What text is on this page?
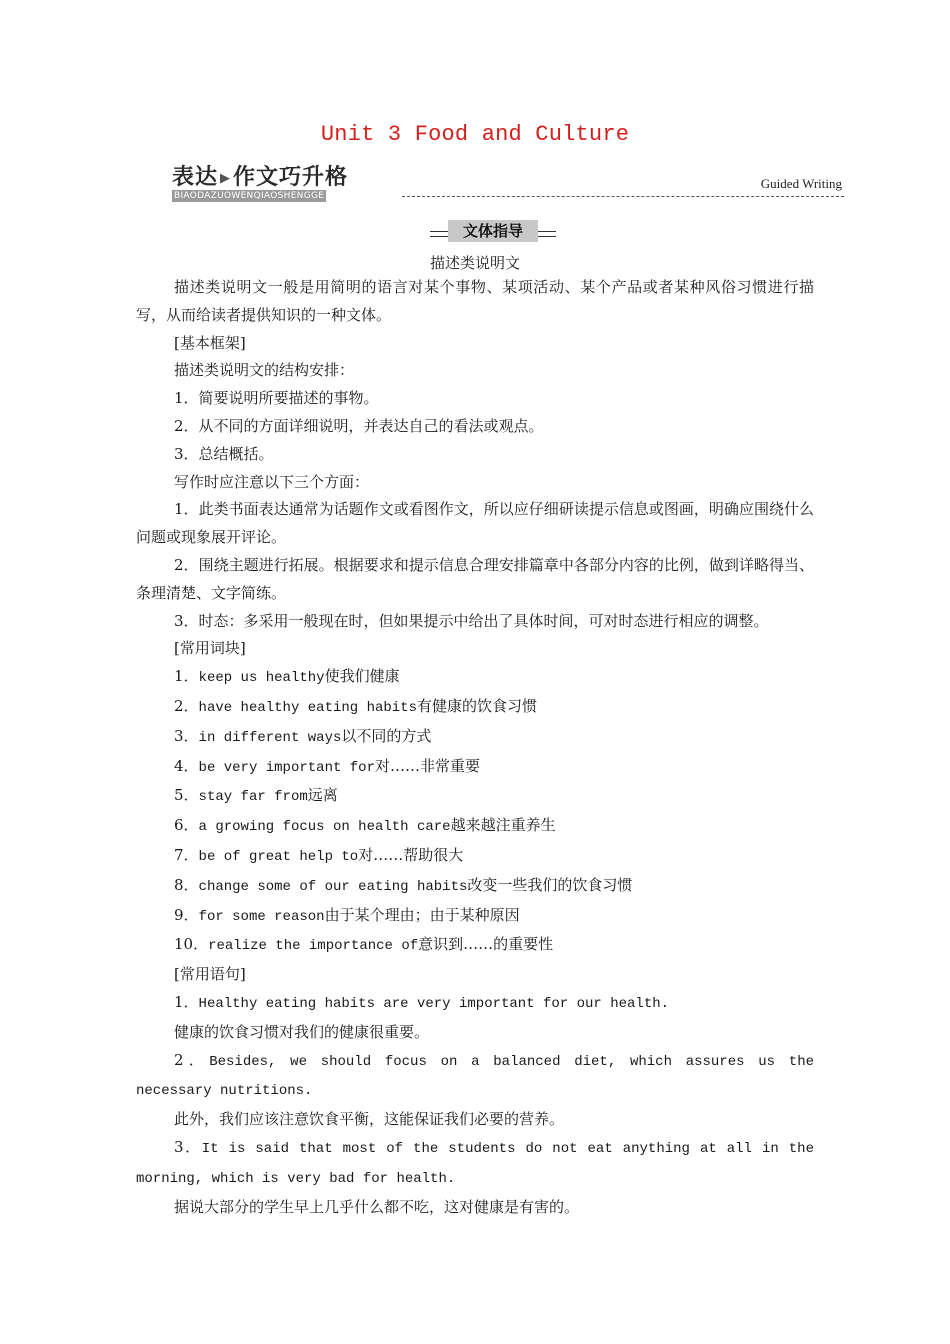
Unit 3 Food and Culture
表达 ▶作文巧升格
BIAODAZUOWENQIAOSHENGGE
Guided Writing
文体指导
描述类说明文

描述类说明文一般是用简明的语言对某个事物、某项活动、某个产品或者某种风俗习惯进行描写，从而给读者提供知识的一种文体。

[基本框架]

描述类说明文的结构安排：

1．简要说明所要描述的事物。

2．从不同的方面详细说明，并表达自己的看法或观点。

3．总结概括。

写作时应注意以下三个方面：

1．此类书面表达通常为话题作文或看图作文，所以应仔细研读提示信息或图画，明确应围绕什么问题或现象展开评论。

2．围绕主题进行拓展。根据要求和提示信息合理安排篇章中各部分内容的比例，做到详略得当、条理清楚、文字简练。

3．时态：多采用一般现在时，但如果提示中给出了具体时间，可对时态进行相应的调整。

[常用词块]

1．keep us healthy使我们健康

2．have healthy eating habits有健康的饮食习惯

3．in different ways以不同的方式

4．be very important for对……非常重要

5．stay far from远离

6．a growing focus on health care越来越注重养生

7．be of great help to对……帮助很大

8．change some of our eating habits改变一些我们的饮食习惯

9．for some reason由于某个理由；由于某种原因

10．realize the importance of意识到……的重要性

[常用语句]

1．Healthy eating habits are very important for our health.

健康的饮食习惯对我们的健康很重要。

2．Besides, we should focus on a balanced diet, which assures us the necessary nutritions.

此外，我们应该注意饮食平衡，这能保证我们必要的营养。

3．It is said that most of the students do not eat anything at all in the morning, which is very bad for health.

据说大部分的学生早上几乎什么都不吃，这对健康是有害的。
